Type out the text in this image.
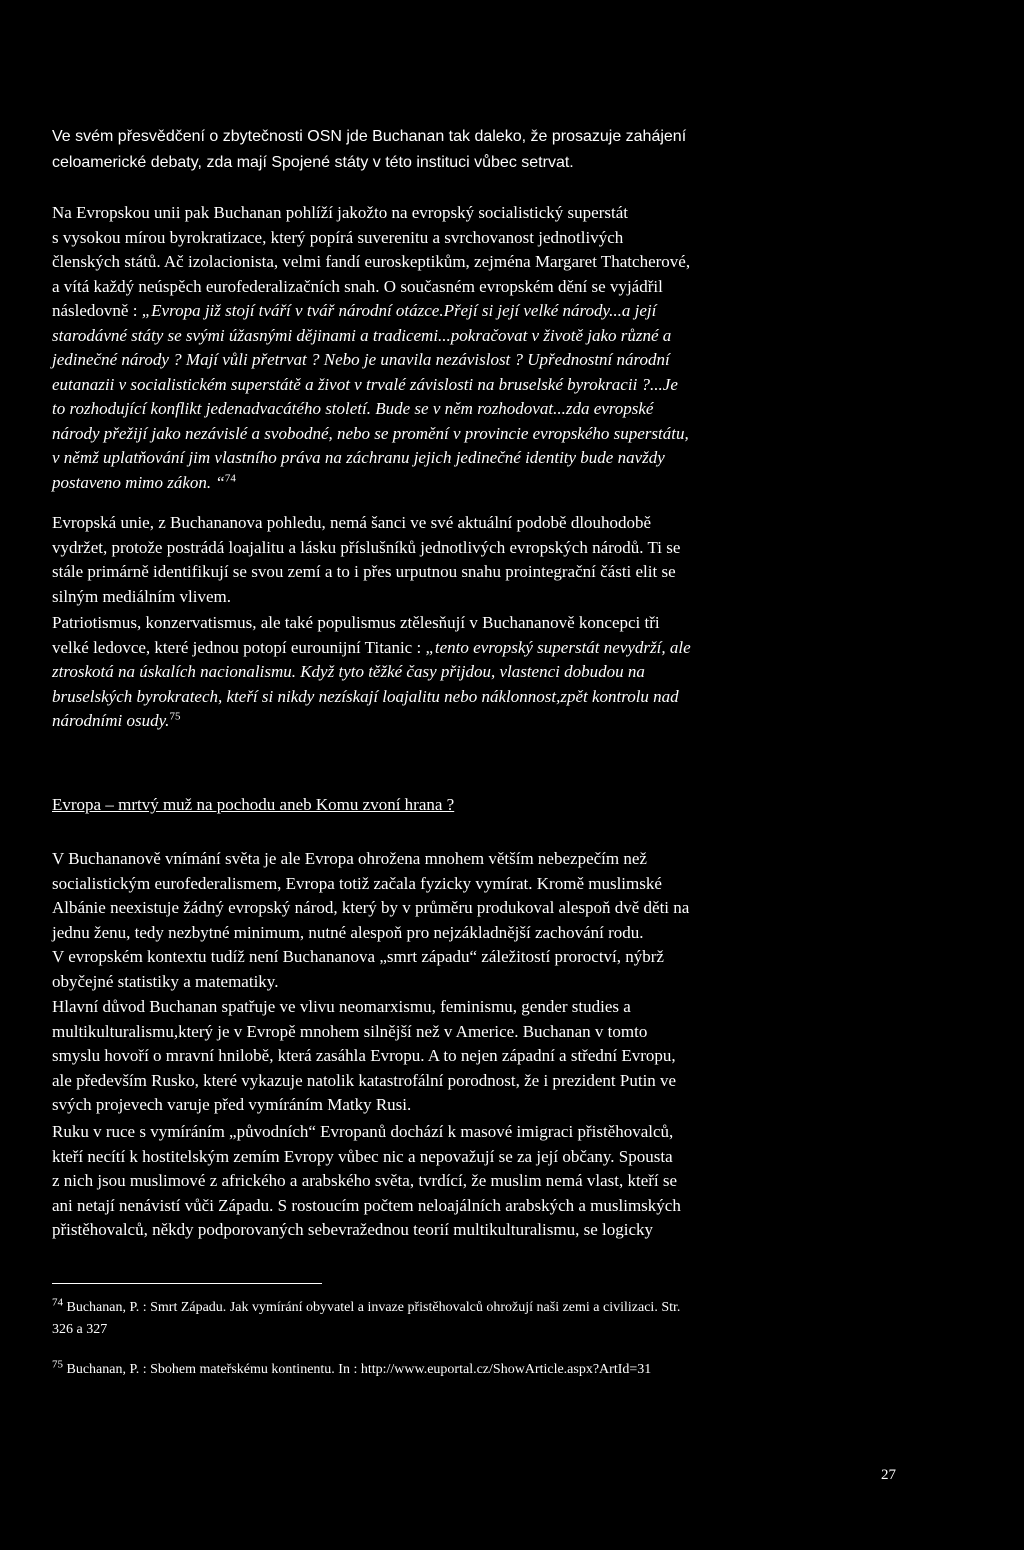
Ve svém přesvědčení o zbytečnosti OSN jde Buchanan tak daleko, že prosazuje zahájení
celoamerické debaty, zda mají Spojené státy v této instituci vůbec setrvat.
Na Evropskou unii pak Buchanan pohlíží jakožto na evropský socialistický superstát
s vysokou mírou byrokratizace, který popírá suverenitu a svrchovanost jednotlivých
členských států. Ač izolacionista, velmi fandí euroskeptikům, zejména Margaret Thatcherové,
a vítá každý neúspěch eurofederalizačních snah. O současném evropském dění se vyjádřil
následovně : „Evropa již stojí tváří v tvář národní otázce.Přejí si její velké národy...a její
starodávné státy se svými úžasnými dějinami a tradicemi...pokračovat v životě jako různé a
jedinečné národy ? Mají vůli přetrvat ? Nebo je unavila nezávislost ? Upřednostní národní
eutanazii v socialistickém superstátě a život v trvalé závislosti na bruselské byrokracii ?...Je
to rozhodující konflikt jedenadvacátého století. Bude se v něm rozhodovat...zda evropské
národy přežijí jako nezávislé a svobodné, nebo se promění v provincie evropského superstátu,
v němž uplatňování jim vlastního práva na záchranu jejich jedinečné identity bude navždy
postaveno mimo zákon. “$^{74}$
Evropská unie, z Buchananova pohledu, nemá šanci ve své aktuální podobě dlouhodobě
vydržet, protože postrádá loajalitu a lásku příslušníků jednotlivých evropských národů. Ti se
stále primárně identifikují se svou zemí a to i přes urputnou snahu prointegrační části elit se
silným mediálním vlivem.
Patriotismus, konzervatismus, ale také populismus ztělesňují v Buchananově koncepci tři
velké ledovce, které jednou potopí eurounijní Titanic : „tento evropský superstát nevydrží, ale
ztroskotá na úskalích nacionalismu. Když tyto těžké časy přijdou, vlastenci dobudou na
bruselských byrokratech, kteří si nikdy nezískají loajalitu nebo náklonnost,zpět kontrolu nad
národními osudy.$^{75}$
Evropa – mrtvý muž na pochodu aneb Komu zvoní hrana ?
V Buchananově vnímání světa je ale Evropa ohrožena mnohem větším nebezpečím než
socialistickým eurofederalismem, Evropa totiž začala fyzicky vymírat. Kromě muslimské
Albánie neexistuje žádný evropský národ, který by v průměru produkoval alespoň dvě děti na
jednu ženu, tedy nezbytné minimum, nutné alespoň pro nejzákladnější zachování rodu.
V evropském kontextu tudíž není Buchananova „smrt západu“ záležitostí proroctví, nýbrž
obyčejné statistiky a matematiky.
Hlavní důvod Buchanan spatřuje ve vlivu neomarxismu, feminismu, gender studies a
multikulturalismu,který je v Evropě mnohem silnější než v Americe. Buchanan v tomto
smyslu hovoří o mravní hnilobě, která zasáhla Evropu. A to nejen západní a střední Evropu,
ale především Rusko, které vykazuje natolik katastrofální porodnost, že i prezident Putin ve
svých projevech varuje před vymíráním Matky Rusi.
Ruku v ruce s vymíráním „původních“ Evropanů dochází k masové imigraci přistěhovalců,
kteří necítí k hostitelským zemím Evropy vůbec nic a nepovažují se za její občany. Spousta
z nich jsou muslimové z afrického a arabského světa, tvrdící, že muslim nemá vlast, kteří se
ani netají nenávistí vůči Západu. S rostoucím počtem neloajálních arabských a muslimských
přistěhovalců, někdy podporovaných sebevražednou teorií multikulturalismu, se logicky
$^{74}$ Buchanan, P. : Smrt Západu. Jak vymírání obyvatel a invaze přistěhovalců ohrožují naši zemi a civilizaci. Str.
326 a 327
$^{75}$ Buchanan, P. : Sbohem mateřskému kontinentu. In : http://www.euportal.cz/ShowArticle.aspx?ArtId=31
27
